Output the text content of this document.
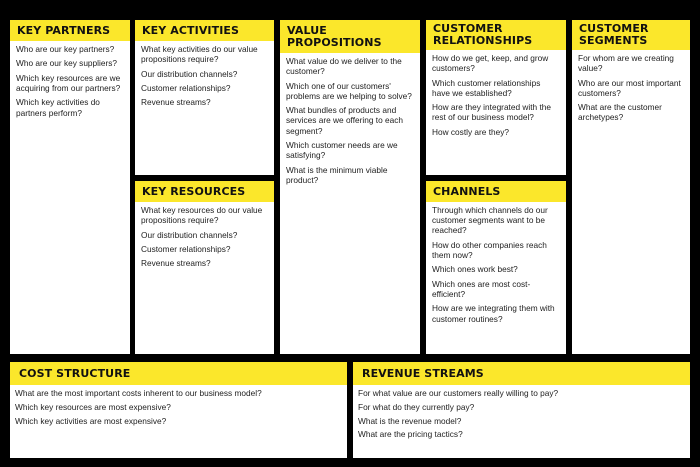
KEY PARTNERS
Who are our key partners?
Who are our key suppliers?
Which key resources are we acquiring from our partners?
Which key activities do partners perform?
KEY ACTIVITIES
What key activities do our value propositions require?
Our distribution channels?
Customer relationships?
Revenue streams?
KEY RESOURCES
What key resources do our value propositions require?
Our distribution channels?
Customer relationships?
Revenue streams?
VALUE PROPOSITIONS
What value do we deliver to the customer?
Which one of our customers' problems are we helping to solve?
What bundles of products and services are we offering to each segment?
Which customer needs are we satisfying?
What is the minimum viable product?
CUSTOMER RELATIONSHIPS
How do we get, keep, and grow customers?
Which customer relationships have we established?
How are they integrated with the rest of our business model?
How costly are they?
CHANNELS
Through which channels do our customer segments want to be reached?
How do other companies reach them now?
Which ones work best?
Which ones are most cost-efficient?
How are we integrating them with customer routines?
CUSTOMER SEGMENTS
For whom are we creating value?
Who are our most important customers?
What are the customer archetypes?
COST STRUCTURE
What are the most important costs inherent to our business model?
Which key resources are most expensive?
Which key activities are most expensive?
REVENUE STREAMS
For what value are our customers really willing to pay?
For what do they currently pay?
What is the revenue model?
What are the pricing tactics?
